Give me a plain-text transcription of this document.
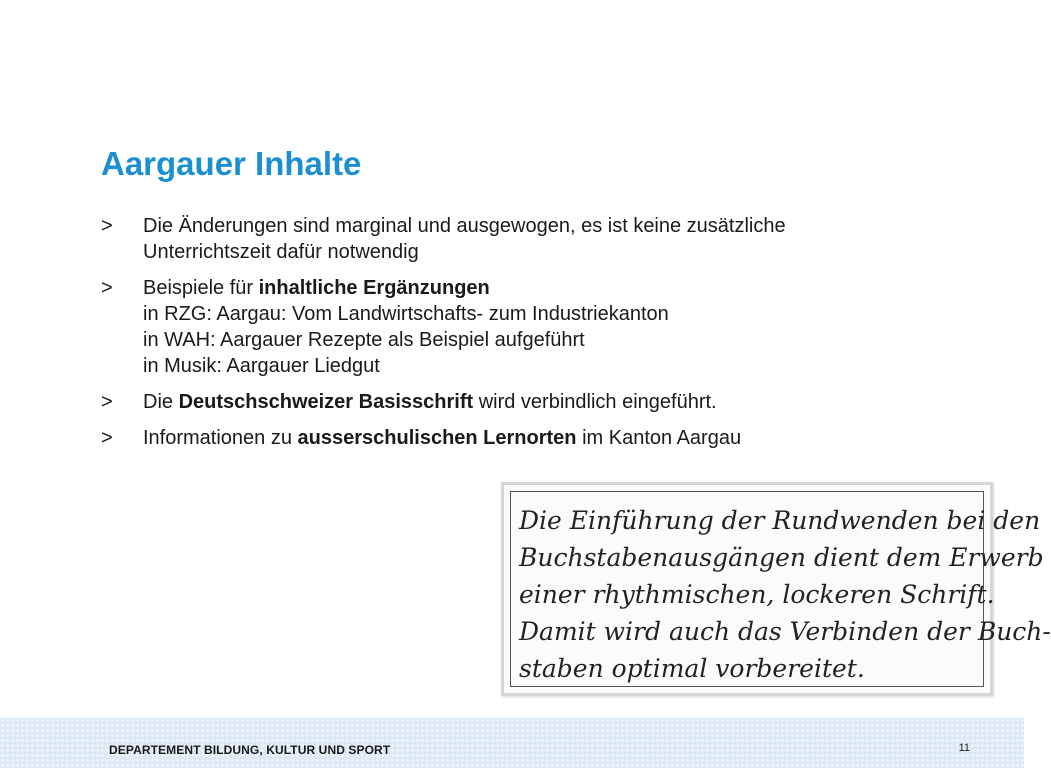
Aargauer Inhalte
>	Die Änderungen sind marginal und ausgewogen, es ist keine zusätzliche
Unterrichtszeit dafür notwendig
>	Beispiele für inhaltliche Ergänzungen
in RZG: Aargau: Vom Landwirtschafts- zum Industriekanton
in WAH: Aargauer Rezepte als Beispiel aufgeführt
in Musik: Aargauer Liedgut
>	Die Deutschschweizer Basisschrift wird verbindlich eingeführt.
>	Informationen zu ausserschulischen Lernorten im Kanton Aargau
Die Einführung der Rundwenden bei den
Buchstabenausgängen dient dem Erwerb
einer rhythmischen, lockeren Schrift.
Damit wird auch das Verbinden der Buch-
staben optimal vorbereitet.
DEPARTEMENT BILDUNG, KULTUR UND SPORT	11
